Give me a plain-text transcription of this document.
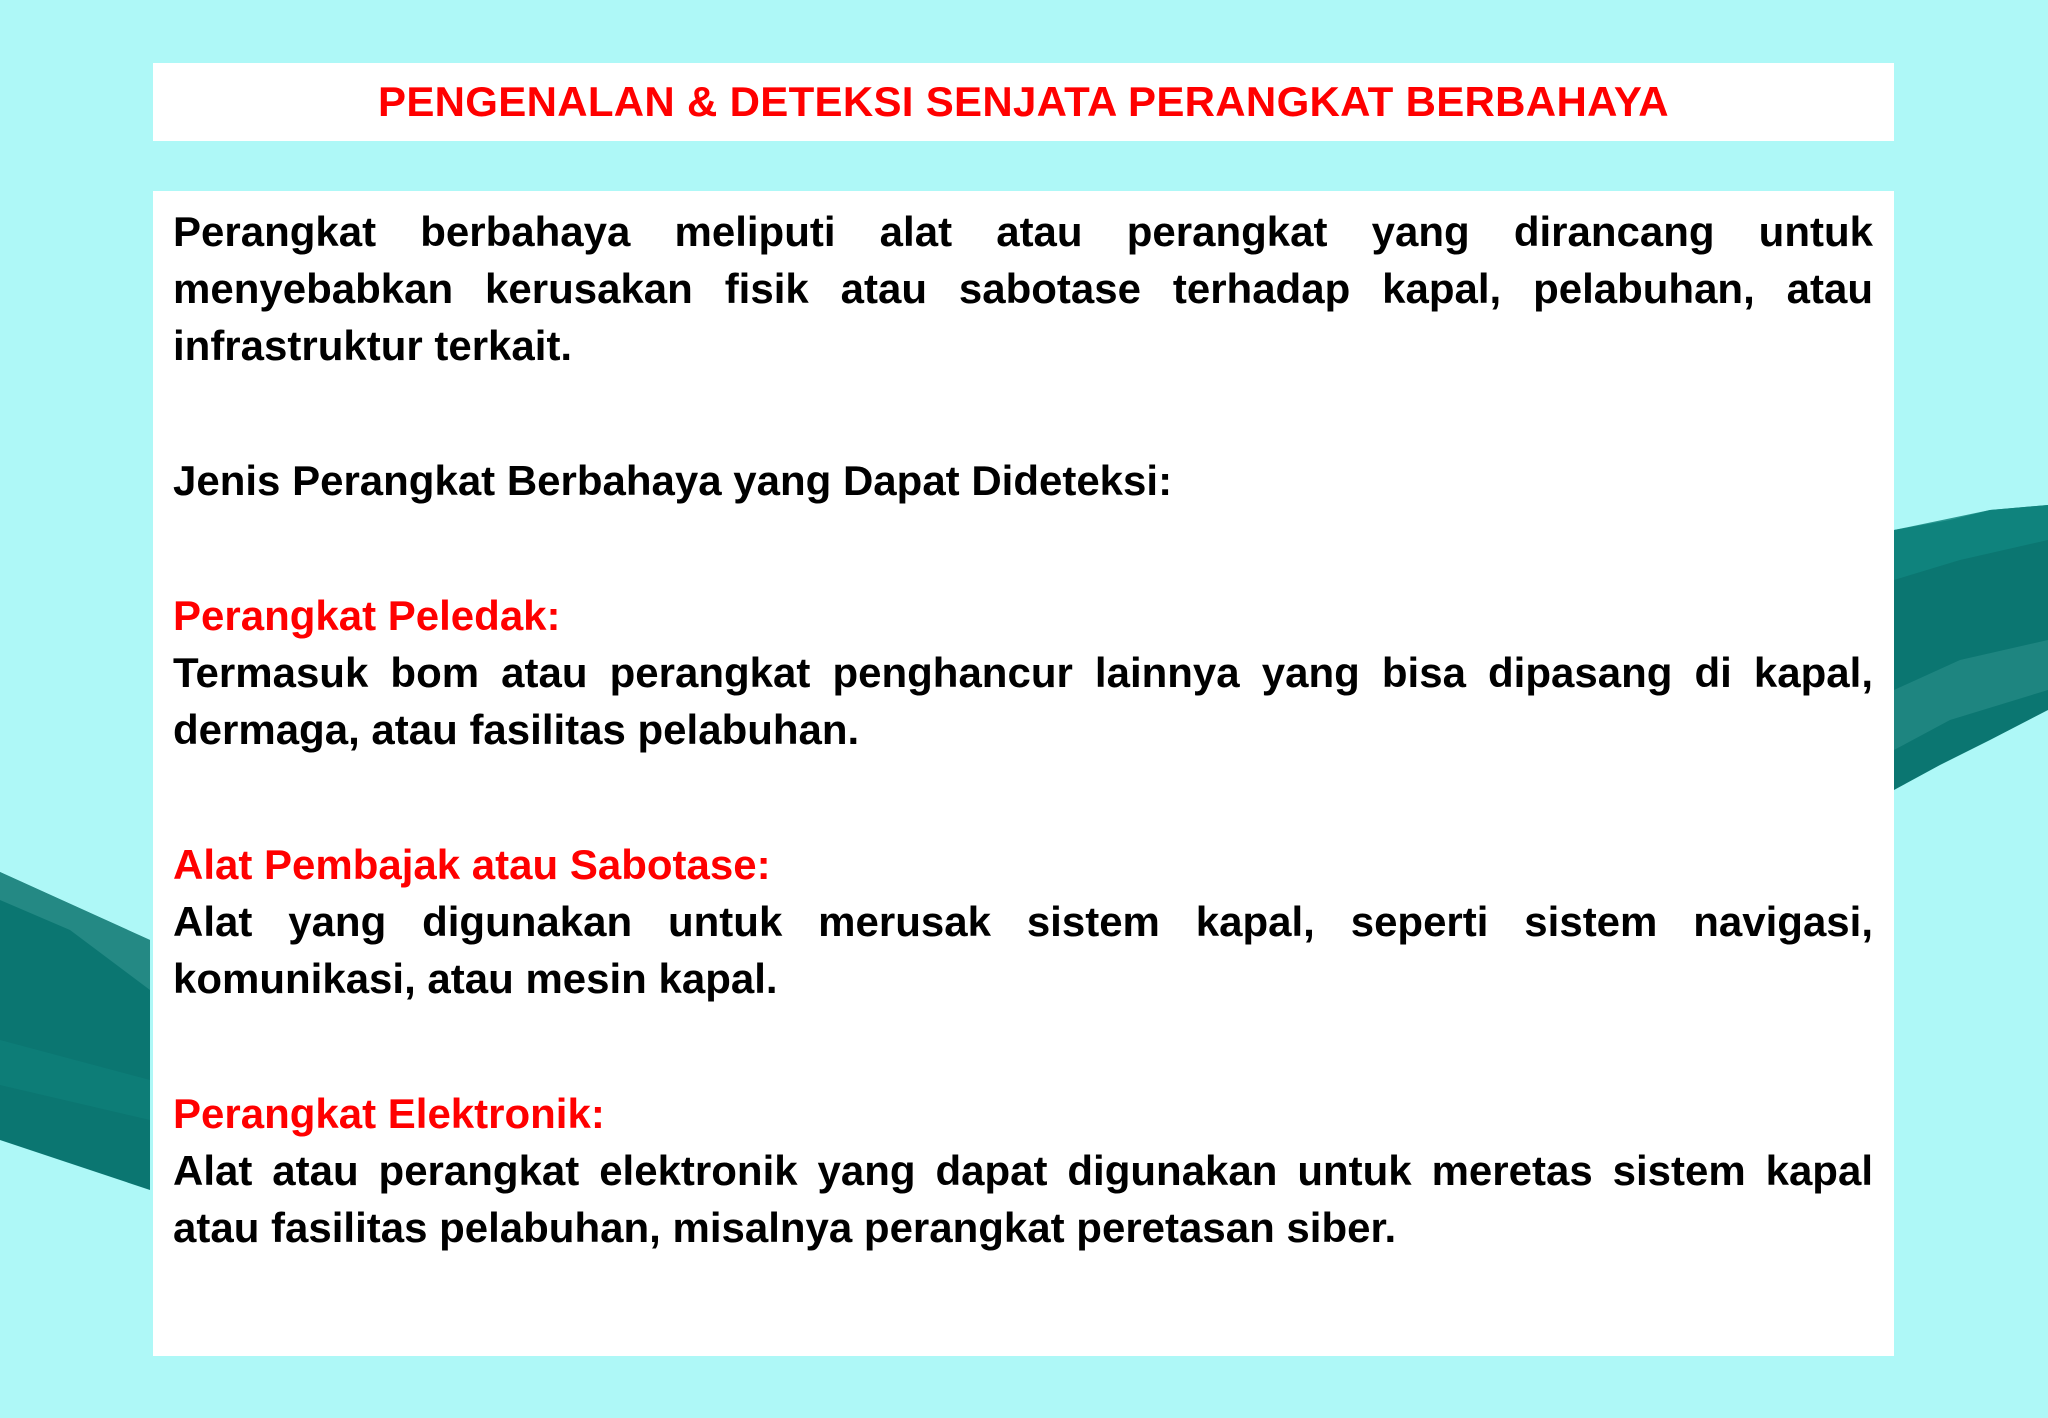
PENGENALAN & DETEKSI SENJATA PERANGKAT BERBAHAYA

Perangkat berbahaya meliputi alat atau perangkat yang dirancang untuk menyebabkan kerusakan fisik atau sabotase terhadap kapal, pelabuhan, atau infrastruktur terkait.

Jenis Perangkat Berbahaya yang Dapat Dideteksi:

Perangkat Peledak:

Termasuk bom atau perangkat penghancur lainnya yang bisa dipasang di kapal, dermaga, atau fasilitas pelabuhan.

Alat Pembajak atau Sabotase:

Alat yang digunakan untuk merusak sistem kapal, seperti sistem navigasi, komunikasi, atau mesin kapal.

Perangkat Elektronik:

Alat atau perangkat elektronik yang dapat digunakan untuk meretas sistem kapal atau fasilitas pelabuhan, misalnya perangkat peretasan siber.
